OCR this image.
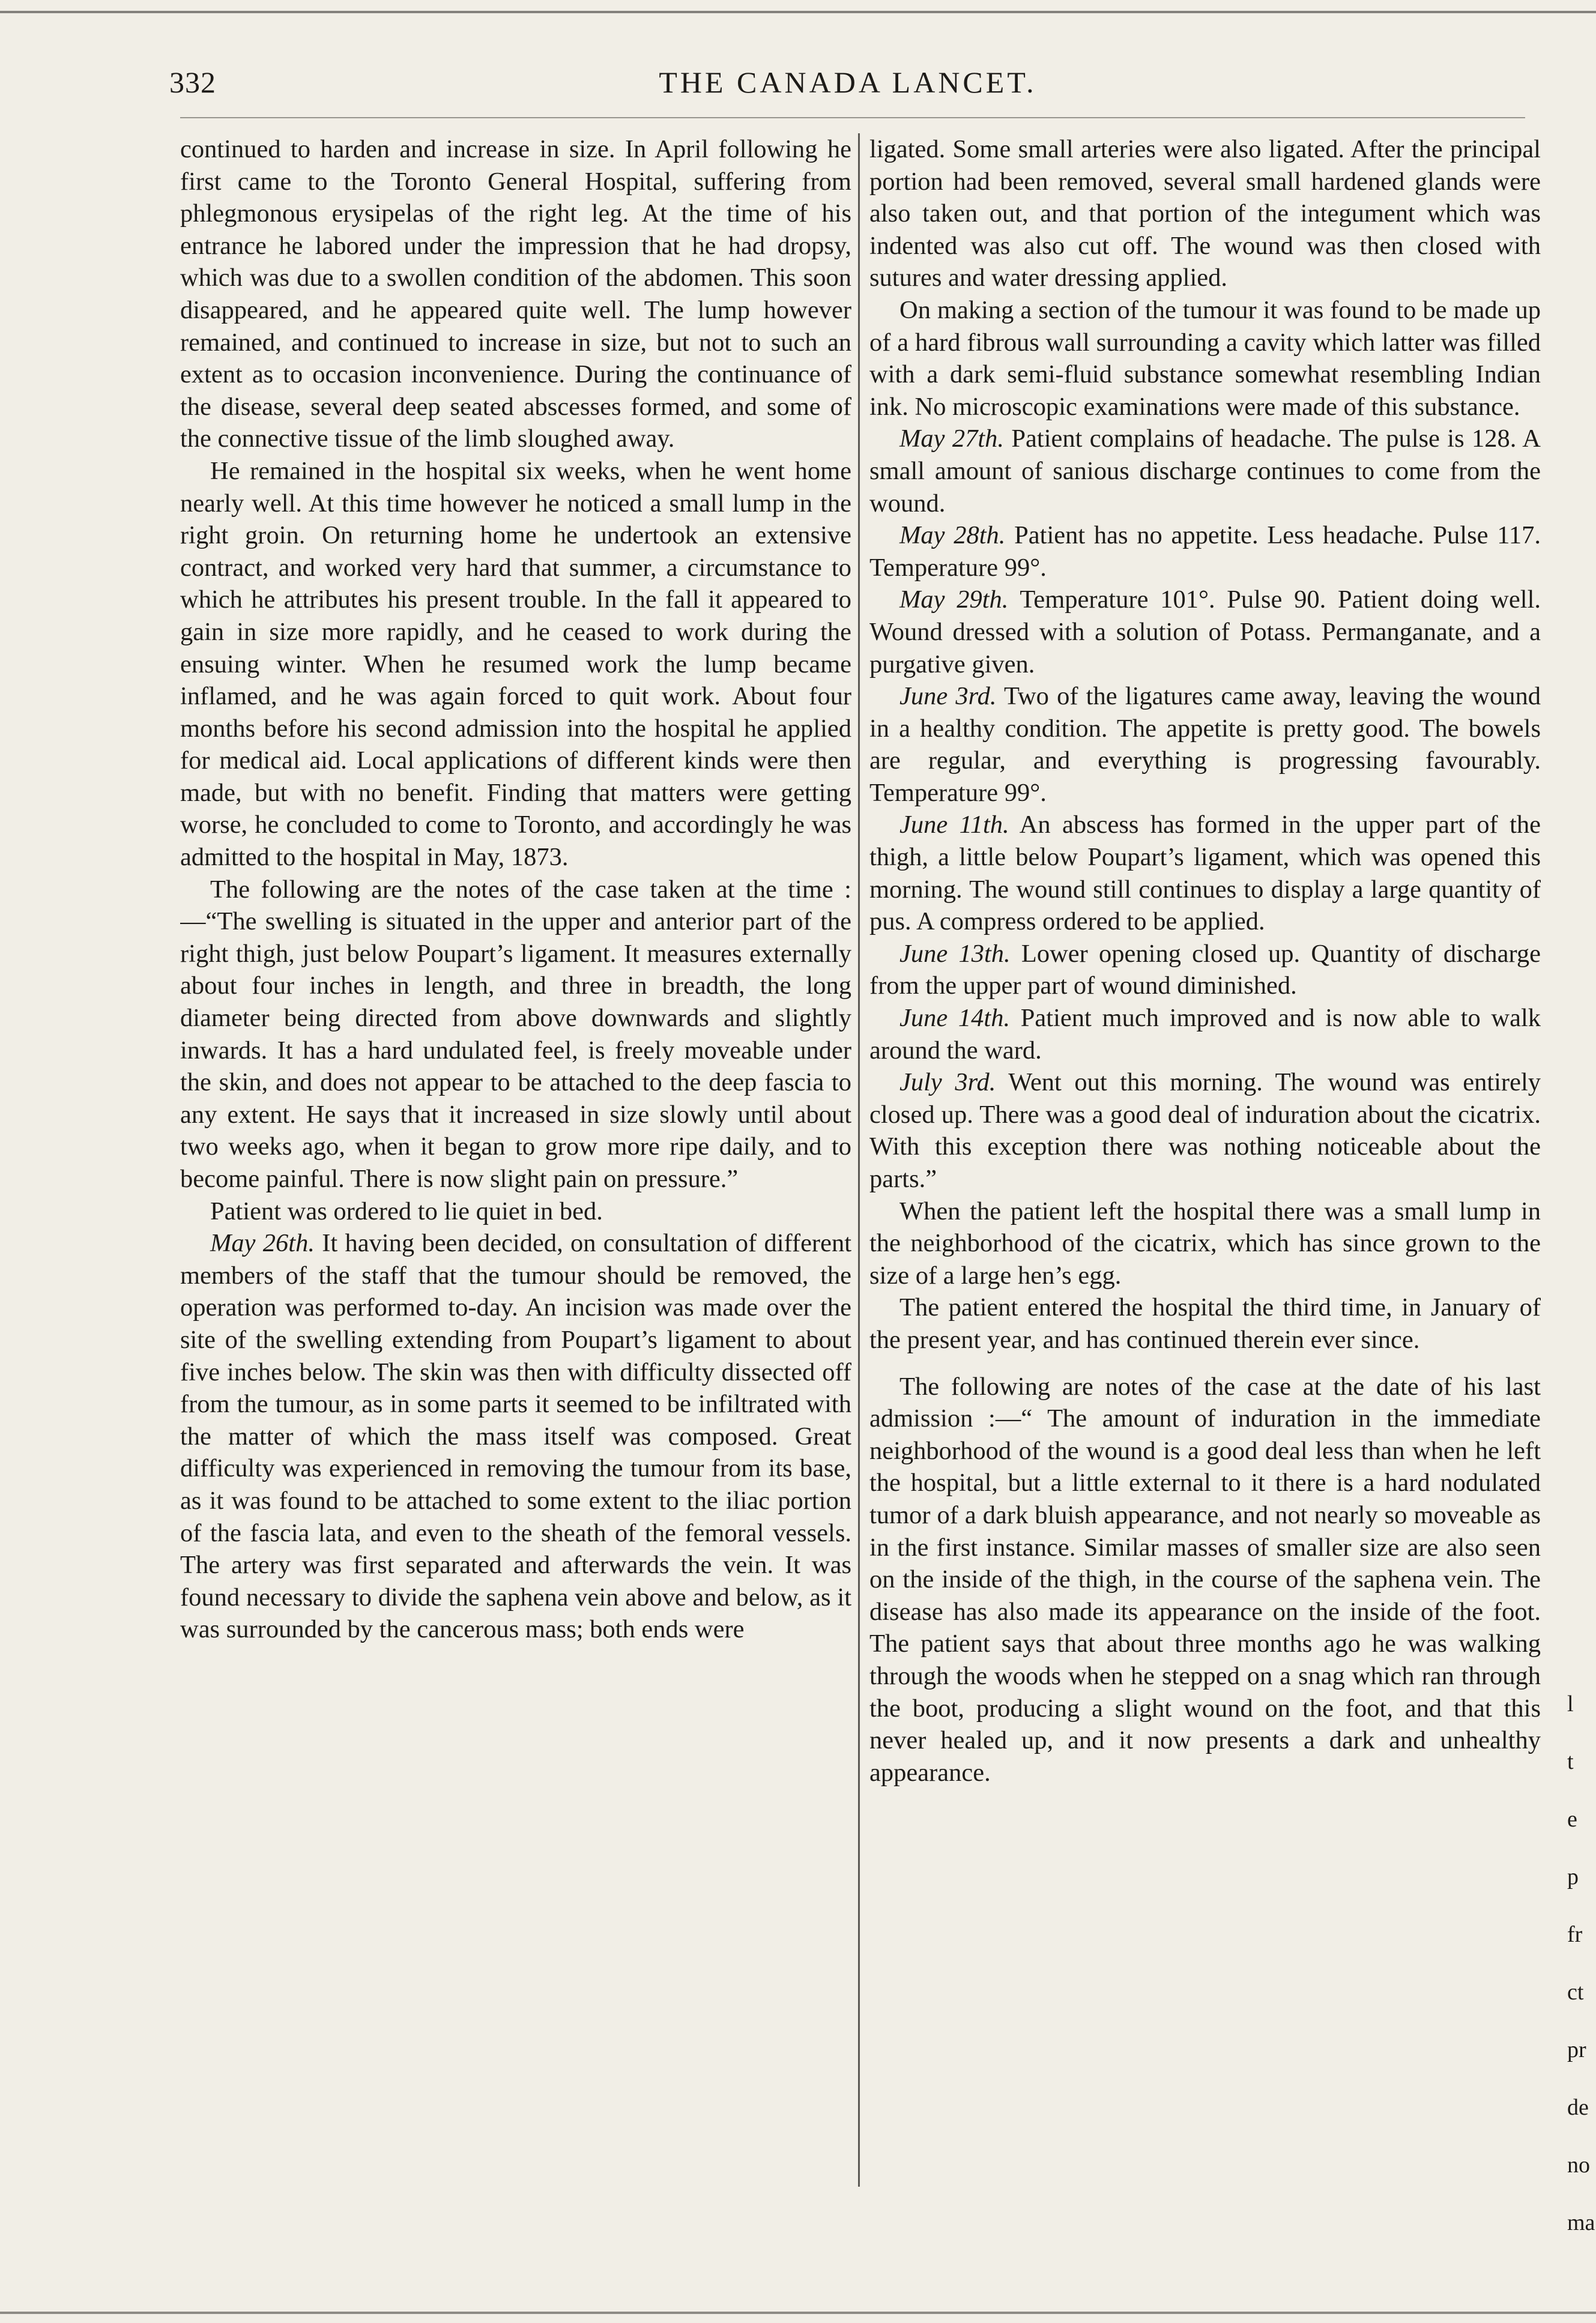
332	THE CANADA LANCET.

continued to harden and increase in size. In April following he first came to the Toronto General Hospital, suffering from phlegmonous erysipelas of the right leg. At the time of his entrance he labored under the impression that he had dropsy, which was due to a swollen condition of the abdomen. This soon disappeared, and he appeared quite well. The lump however remained, and continued to increase in size, but not to such an extent as to occasion inconvenience. During the continuance of the disease, several deep seated abscesses formed, and some of the connective tissue of the limb sloughed away.

He remained in the hospital six weeks, when he went home nearly well. At this time however he noticed a small lump in the right groin. On returning home he undertook an extensive contract, and worked very hard that summer, a circumstance to which he attributes his present trouble. In the fall it appeared to gain in size more rapidly, and he ceased to work during the ensuing winter. When he resumed work the lump became inflamed, and he was again forced to quit work. About four months before his second admission into the hospital he applied for medical aid. Local applications of different kinds were then made, but with no benefit. Finding that matters were getting worse, he concluded to come to Toronto, and accordingly he was admitted to the hospital in May, 1873.

The following are the notes of the case taken at the time :—“The swelling is situated in the upper and anterior part of the right thigh, just below Poupart’s ligament. It measures externally about four inches in length, and three in breadth, the long diameter being directed from above downwards and slightly inwards. It has a hard undulated feel, is freely moveable under the skin, and does not appear to be attached to the deep fascia to any extent. He says that it increased in size slowly until about two weeks ago, when it began to grow more ripe daily, and to become painful. There is now slight pain on pressure.”

Patient was ordered to lie quiet in bed.

May 26th. It having been decided, on consultation of different members of the staff that the tumour should be removed, the operation was performed to-day. An incision was made over the site of the swelling extending from Poupart’s ligament to about five inches below. The skin was then with difficulty dissected off from the tumour, as in some parts it seemed to be infiltrated with the matter of which the mass itself was composed. Great difficulty was experienced in removing the tumour from its base, as it was found to be attached to some extent to the iliac portion of the fascia lata, and even to the sheath of the femoral vessels. The artery was first separated and afterwards the vein. It was found necessary to divide the saphena vein above and below, as it was surrounded by the cancerous mass; both ends were

ligated. Some small arteries were also ligated. After the principal portion had been removed, several small hardened glands were also taken out, and that portion of the integument which was indented was also cut off. The wound was then closed with sutures and water dressing applied.

On making a section of the tumour it was found to be made up of a hard fibrous wall surrounding a cavity which latter was filled with a dark semi-fluid substance somewhat resembling Indian ink. No microscopic examinations were made of this substance.

May 27th. Patient complains of headache. The pulse is 128. A small amount of sanious discharge continues to come from the wound.

May 28th. Patient has no appetite. Less headache. Pulse 117. Temperature 99°.

May 29th. Temperature 101°. Pulse 90. Patient doing well. Wound dressed with a solution of Potass. Permanganate, and a purgative given.

June 3rd. Two of the ligatures came away, leaving the wound in a healthy condition. The appetite is pretty good. The bowels are regular, and everything is progressing favourably. Temperature 99°.

June 11th. An abscess has formed in the upper part of the thigh, a little below Poupart’s ligament, which was opened this morning. The wound still continues to display a large quantity of pus. A compress ordered to be applied.

June 13th. Lower opening closed up. Quantity of discharge from the upper part of wound diminished.

June 14th. Patient much improved and is now able to walk around the ward.

July 3rd. Went out this morning. The wound was entirely closed up. There was a good deal of induration about the cicatrix. With this exception there was nothing noticeable about the parts.”

When the patient left the hospital there was a small lump in the neighborhood of the cicatrix, which has since grown to the size of a large hen’s egg.

The patient entered the hospital the third time, in January of the present year, and has continued therein ever since.

The following are notes of the case at the date of his last admission :—“ The amount of induration in the immediate neighborhood of the wound is a good deal less than when he left the hospital, but a little external to it there is a hard nodulated tumor of a dark bluish appearance, and not nearly so moveable as in the first instance. Similar masses of smaller size are also seen on the inside of the thigh, in the course of the saphena vein. The disease has also made its appearance on the inside of the foot. The patient says that about three months ago he was walking through the woods when he stepped on a snag which ran through the boot, producing a slight wound on the foot, and that this never healed up, and it now presents a dark and unhealthy appearance.

l
t
e
p
fr
ct
pr
de
no
ma
